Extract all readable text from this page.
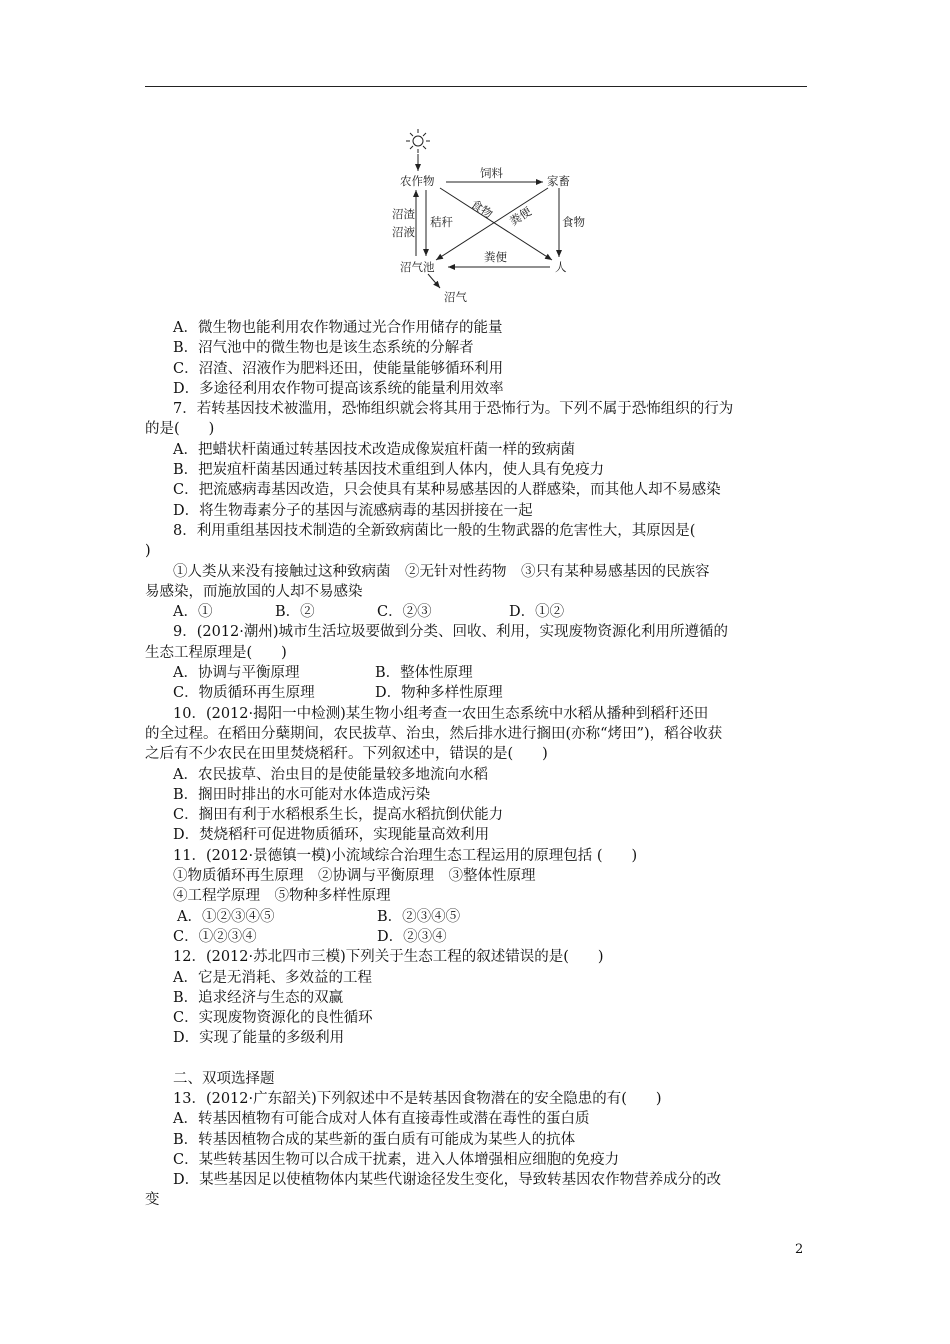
农作物	家畜
沼气池	人
沼气
饲料
食物
食物 粪便
粪便
秸秆
沼渣
沼液
A．微生物也能利用农作物通过光合作用储存的能量
B．沼气池中的微生物也是该生态系统的分解者
C．沼渣、沼液作为肥料还田，使能量能够循环利用
D．多途径利用农作物可提高该系统的能量利用效率
7．若转基因技术被滥用，恐怖组织就会将其用于恐怖行为。下列不属于恐怖组织的行为
的是(　　)
A．把蜡状杆菌通过转基因技术改造成像炭疽杆菌一样的致病菌
B．把炭疽杆菌基因通过转基因技术重组到人体内，使人具有免疫力
C．把流感病毒基因改造，只会使具有某种易感基因的人群感染，而其他人却不易感染
D．将生物毒素分子的基因与流感病毒的基因拼接在一起
8．利用重组基因技术制造的全新致病菌比一般的生物武器的危害性大，其原因是(
)
①人类从来没有接触过这种致病菌　②无针对性药物　③只有某种易感基因的民族容
易感染，而施放国的人却不易感染
A．①	B．②	C．②③	D．①②
9．(2012·潮州)城市生活垃圾要做到分类、回收、利用，实现废物资源化利用所遵循的
生态工程原理是(　　)
A．协调与平衡原理	B．整体性原理
C．物质循环再生原理	D．物种多样性原理
10．(2012·揭阳一中检测)某生物小组考查一农田生态系统中水稻从播种到稻秆还田
的全过程。在稻田分蘖期间，农民拔草、治虫，然后排水进行搁田(亦称“烤田”)，稻谷收获
之后有不少农民在田里焚烧稻秆。下列叙述中，错误的是(　　)
A．农民拔草、治虫目的是使能量较多地流向水稻
B．搁田时排出的水可能对水体造成污染
C．搁田有利于水稻根系生长，提高水稻抗倒伏能力
D．焚烧稻秆可促进物质循环，实现能量高效利用
11．(2012·景德镇一模)小流域综合治理生态工程运用的原理包括 (　　)
①物质循环再生原理　②协调与平衡原理　③整体性原理
④工程学原理　⑤物种多样性原理
A．①②③④⑤	B．②③④⑤
C．①②③④	D．②③④
12．(2012·苏北四市三模)下列关于生态工程的叙述错误的是(　　)
A．它是无消耗、多效益的工程
B．追求经济与生态的双赢
C．实现废物资源化的良性循环
D．实现了能量的多级利用
二、双项选择题
13．(2012·广东韶关)下列叙述中不是转基因食物潜在的安全隐患的有(　　)
A．转基因植物有可能合成对人体有直接毒性或潜在毒性的蛋白质
B．转基因植物合成的某些新的蛋白质有可能成为某些人的抗体
C．某些转基因生物可以合成干扰素，进入人体增强相应细胞的免疫力
D．某些基因足以使植物体内某些代谢途径发生变化，导致转基因农作物营养成分的改
变
2
